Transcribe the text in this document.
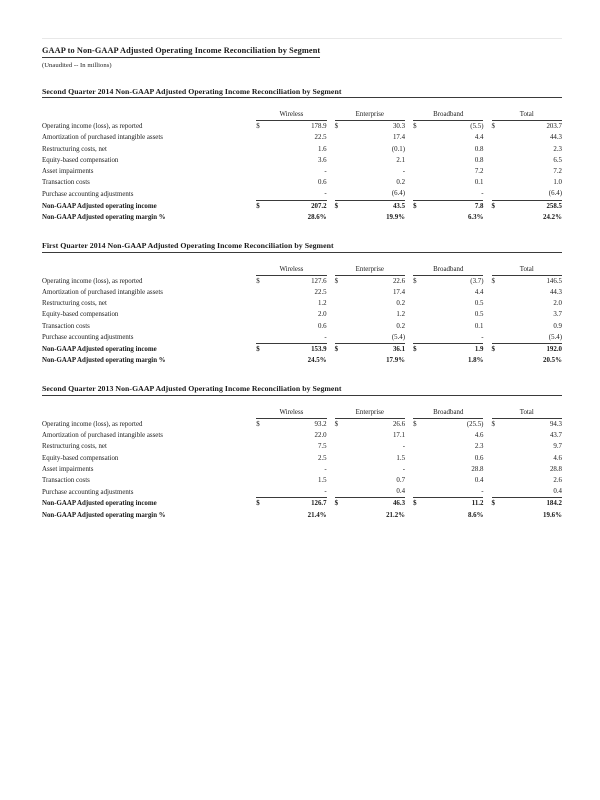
GAAP to Non-GAAP Adjusted Operating Income Reconciliation by Segment
(Unaudited -- In millions)
Second Quarter 2014 Non-GAAP Adjusted Operating Income Reconciliation by Segment
	Wireless			Enterprise			Broadband			Total	
Operating income (loss), as reported	$	178.9		$	30.3		$	(5.5)		$	203.7
Amortization of purchased intangible assets		22.5			17.4			4.4			44.3
Restructuring costs, net		1.6			(0.1)			0.8			2.3
Equity-based compensation		3.6			2.1			0.8			6.5
Asset impairments		-			-			7.2			7.2
Transaction costs		0.6			0.2			0.1			1.0
Purchase accounting adjustments		-			(6.4)			-			(6.4)
Non-GAAP Adjusted operating income	$	207.2		$	43.5		$	7.8		$	258.5
Non-GAAP Adjusted operating margin %		28.6%			19.9%			6.3%			24.2%
First Quarter 2014 Non-GAAP Adjusted Operating Income Reconciliation by Segment
	Wireless			Enterprise			Broadband			Total	
Operating income (loss), as reported	$	127.6		$	22.6		$	(3.7)		$	146.5
Amortization of purchased intangible assets		22.5			17.4			4.4			44.3
Restructuring costs, net		1.2			0.2			0.5			2.0
Equity-based compensation		2.0			1.2			0.5			3.7
Transaction costs		0.6			0.2			0.1			0.9
Purchase accounting adjustments		-			(5.4)			-			(5.4)
Non-GAAP Adjusted operating income	$	153.9		$	36.1		$	1.9		$	192.0
Non-GAAP Adjusted operating margin %		24.5%			17.9%			1.8%			20.5%
Second Quarter 2013 Non-GAAP Adjusted Operating Income Reconciliation by Segment
	Wireless			Enterprise			Broadband			Total	
Operating income (loss), as reported	$	93.2		$	26.6		$	(25.5)		$	94.3
Amortization of purchased intangible assets		22.0			17.1			4.6			43.7
Restructuring costs, net		7.5			-			2.3			9.7
Equity-based compensation		2.5			1.5			0.6			4.6
Asset impairments		-			-			28.8			28.8
Transaction costs		1.5			0.7			0.4			2.6
Purchase accounting adjustments		-			0.4			-			0.4
Non-GAAP Adjusted operating income	$	126.7		$	46.3		$	11.2		$	184.2
Non-GAAP Adjusted operating margin %		21.4%			21.2%			8.6%			19.6%
